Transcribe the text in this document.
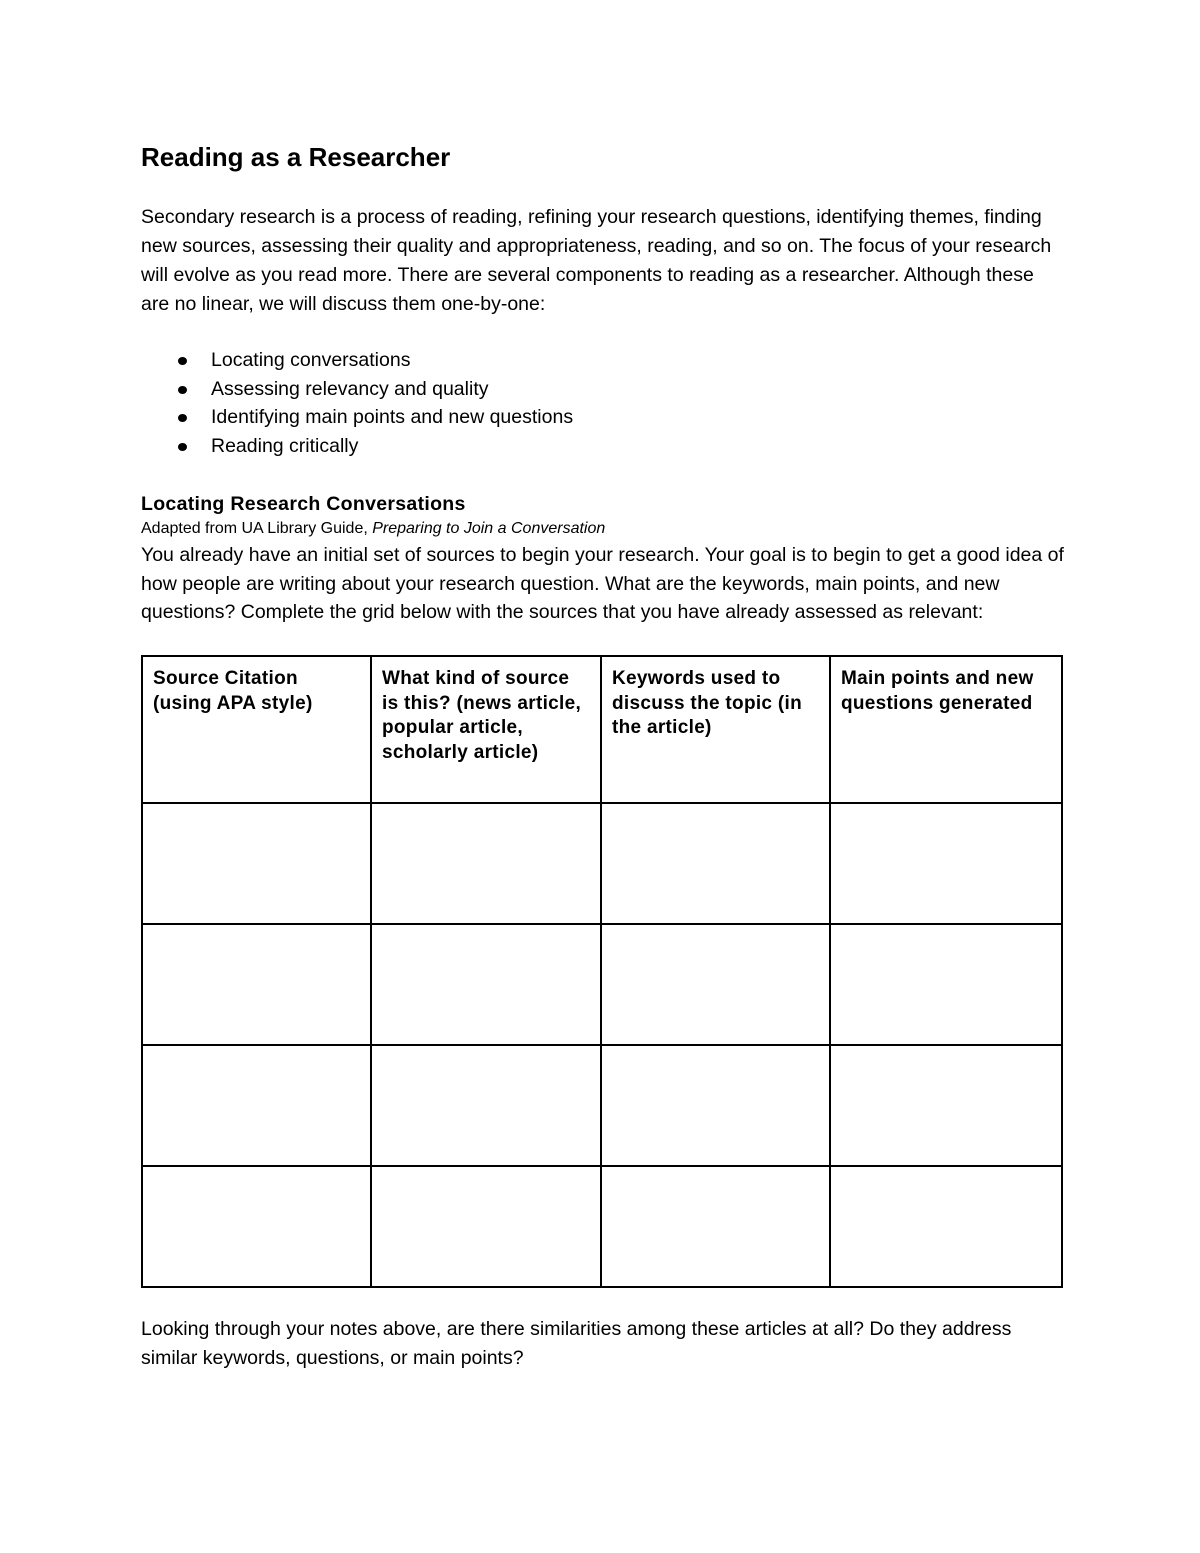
Reading as a Researcher

Secondary research is a process of reading, refining your research questions, identifying themes, finding new sources, assessing their quality and appropriateness, reading, and so on. The focus of your research will evolve as you read more. There are several components to reading as a researcher. Although these are no linear, we will discuss them one-by-one:

Locating conversations
Assessing relevancy and quality
Identifying main points and new questions
Reading critically
Locating Research Conversations
Adapted from UA Library Guide, Preparing to Join a Conversation

You already have an initial set of sources to begin your research. Your goal is to begin to get a good idea of how people are writing about your research question. What are the keywords, main points, and new questions? Complete the grid below with the sources that you have already assessed as relevant:

Source Citation (using APA style)	What kind of source is this? (news article, popular article, scholarly article)	Keywords used to discuss the topic (in the article)	Main points and new questions generated

Looking through your notes above, are there similarities among these articles at all? Do they address similar keywords, questions, or main points?
